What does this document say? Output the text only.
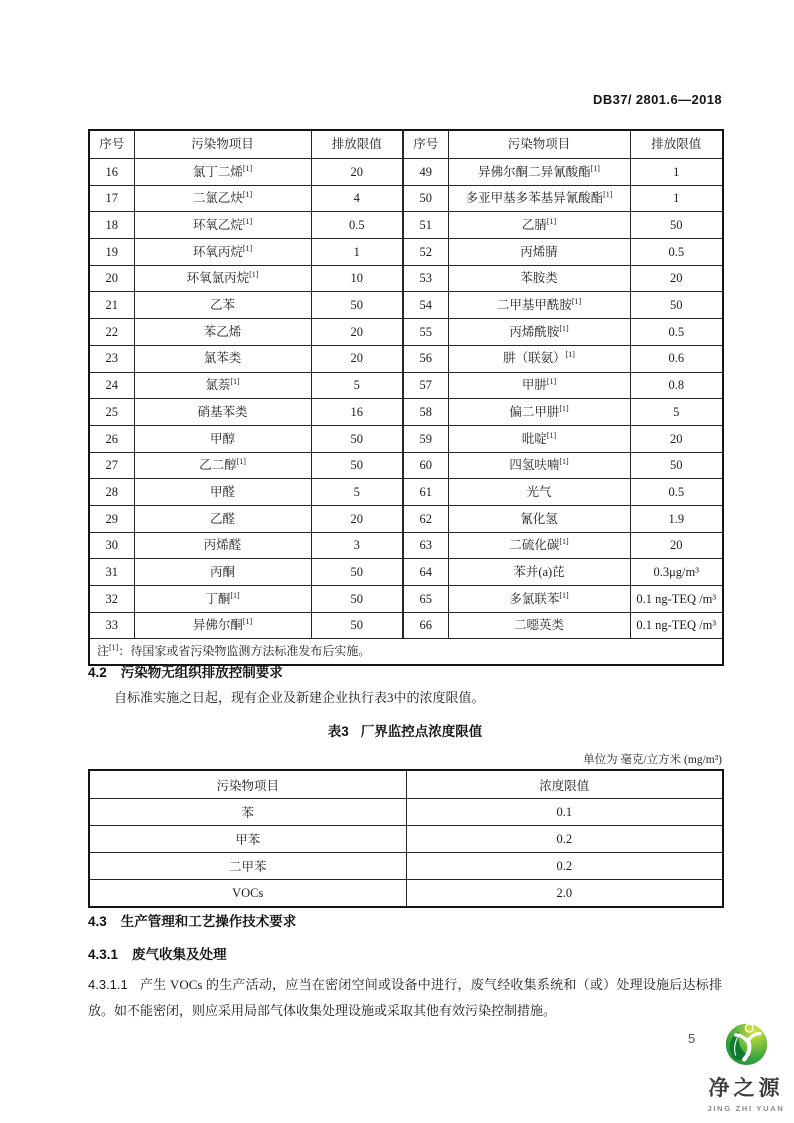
DB37/ 2801.6—2018
序号	污染物项目	排放限值	序号	污染物项目	排放限值
16	氯丁二烯[1]	20	49	异佛尔酮二异氰酸酯[1]	1
17	二氯乙炔[1]	4	50	多亚甲基多苯基异氰酸酯[1]	1
18	环氧乙烷[1]	0.5	51	乙腈[1]	50
19	环氧丙烷[1]	1	52	丙烯腈	0.5
20	环氧氯丙烷[1]	10	53	苯胺类	20
21	乙苯	50	54	二甲基甲酰胺[1]	50
22	苯乙烯	20	55	丙烯酰胺[1]	0.5
23	氯苯类	20	56	肼（联氨）[1]	0.6
24	氯萘[1]	5	57	甲肼[1]	0.8
25	硝基苯类	16	58	偏二甲肼[1]	5
26	甲醇	50	59	吡啶[1]	20
27	乙二醇[1]	50	60	四氢呋喃[1]	50
28	甲醛	5	61	光气	0.5
29	乙醛	20	62	氰化氢	1.9
30	丙烯醛	3	63	二硫化碳[1]	20
31	丙酮	50	64	苯并(a)芘	0.3μg/m³
32	丁酮[1]	50	65	多氯联苯[1]	0.1 ng-TEQ /m³
33	异佛尔酮[1]	50	66	二噁英类	0.1 ng-TEQ /m³
注[1]：待国家或省污染物监测方法标准发布后实施。					
4.2 污染物无组织排放控制要求
自标准实施之日起，现有企业及新建企业执行表3中的浓度限值。
表3 厂界监控点浓度限值
单位为 毫克/立方米 (mg/m³)
污染物项目	浓度限值
苯	0.1
甲苯	0.2
二甲苯	0.2
VOCs	2.0
4.3 生产管理和工艺操作技术要求
4.3.1 废气收集及处理
4.3.1.1 产生 VOCs 的生产活动，应当在密闭空间或设备中进行，废气经收集系统和（或）处理设施后达标排放。如不能密闭，则应采用局部气体收集处理设施或采取其他有效污染控制措施。
5
净之源
JING ZHI YUAN
